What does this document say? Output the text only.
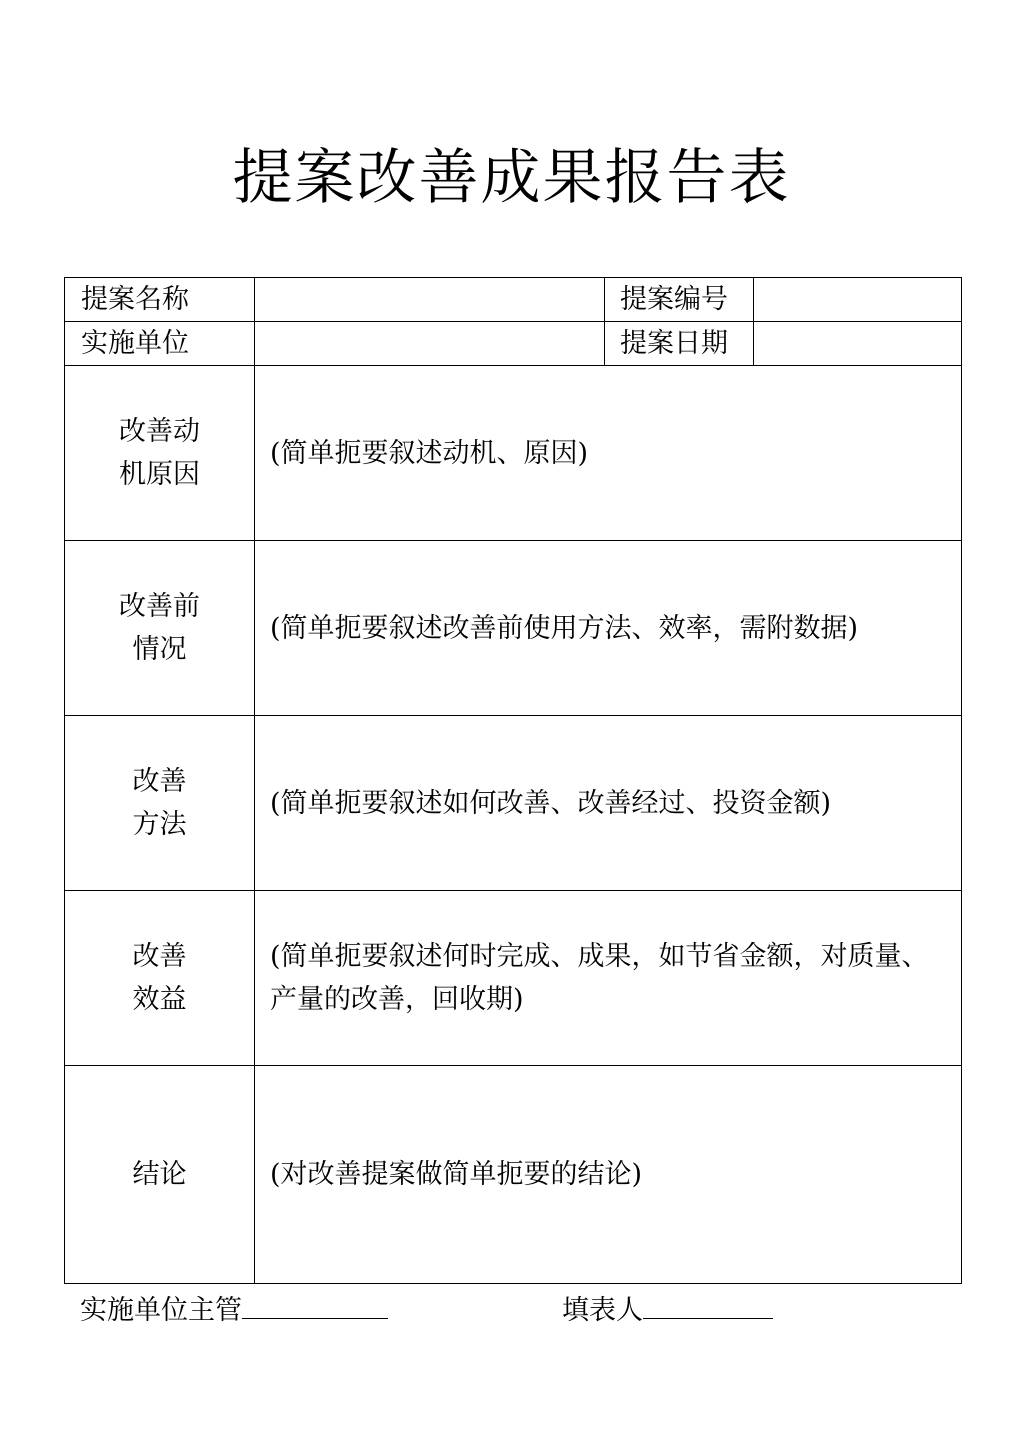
提案改善成果报告表
提案名称		提案编号	
实施单位		提案日期	

改善动
机原因	(简单扼要叙述动机、原因)		

改善前
情况	(简单扼要叙述改善前使用方法、效率，需附数据)		

改善
方法	(简单扼要叙述如何改善、改善经过、投资金额)		

改善
效益	(简单扼要叙述何时完成、成果，如节省金额，对质量、产量的改善，回收期)		

结论	(对改善提案做简单扼要的结论)		
实施单位主管	填表人
